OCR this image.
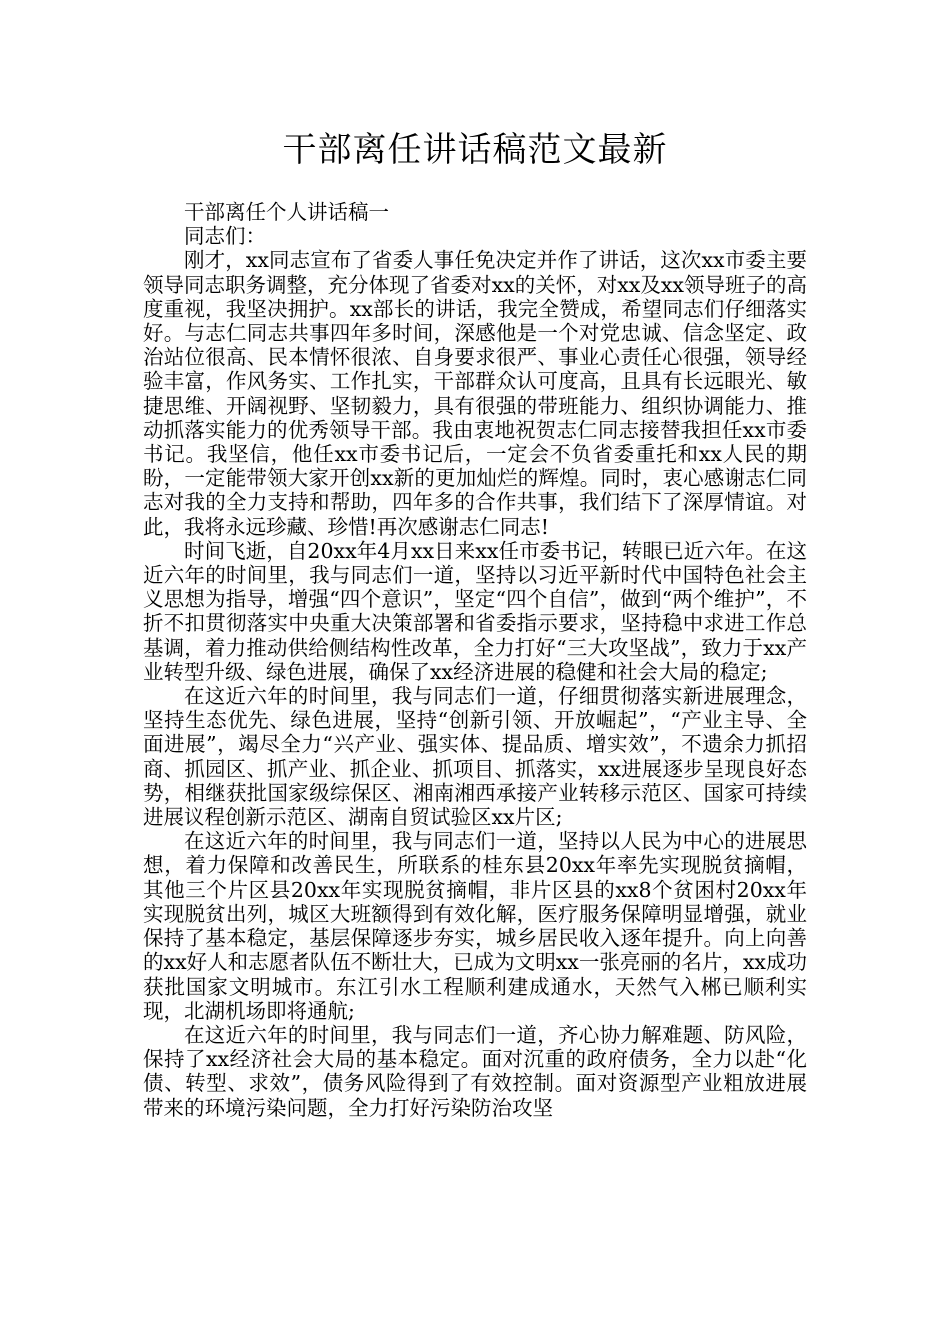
干部离任讲话稿范文最新

干部离任个人讲话稿一

同志们：

刚才，xx同志宣布了省委人事任免决定并作了讲话，这次xx市委主要领导同志职务调整，充分体现了省委对xx的关怀，对xx及xx领导班子的高度重视，我坚决拥护。xx部长的讲话，我完全赞成，希望同志们仔细落实好。与志仁同志共事四年多时间，深感他是一个对党忠诚、信念坚定、政治站位很高、民本情怀很浓、自身要求很严、事业心责任心很强，领导经验丰富，作风务实、工作扎实，干部群众认可度高，且具有长远眼光、敏捷思维、开阔视野、坚韧毅力，具有很强的带班能力、组织协调能力、推动抓落实能力的优秀领导干部。我由衷地祝贺志仁同志接替我担任xx市委书记。我坚信，他任xx市委书记后，一定会不负省委重托和xx人民的期盼，一定能带领大家开创xx新的更加灿烂的辉煌。同时，衷心感谢志仁同志对我的全力支持和帮助，四年多的合作共事，我们结下了深厚情谊。对此，我将永远珍藏、珍惜!再次感谢志仁同志!

时间飞逝，自20xx年4月xx日来xx任市委书记，转眼已近六年。在这近六年的时间里，我与同志们一道，坚持以习近平新时代中国特色社会主义思想为指导，增强“四个意识”，坚定“四个自信”，做到“两个维护”，不折不扣贯彻落实中央重大决策部署和省委指示要求，坚持稳中求进工作总基调，着力推动供给侧结构性改革，全力打好“三大攻坚战”，致力于xx产业转型升级、绿色进展，确保了xx经济进展的稳健和社会大局的稳定;

在这近六年的时间里，我与同志们一道，仔细贯彻落实新进展理念，坚持生态优先、绿色进展，坚持“创新引领、开放崛起”，“产业主导、全面进展”，竭尽全力“兴产业、强实体、提品质、增实效”，不遗余力抓招商、抓园区、抓产业、抓企业、抓项目、抓落实，xx进展逐步呈现良好态势，相继获批国家级综保区、湘南湘西承接产业转移示范区、国家可持续进展议程创新示范区、湖南自贸试验区xx片区;

在这近六年的时间里，我与同志们一道，坚持以人民为中心的进展思想，着力保障和改善民生，所联系的桂东县20xx年率先实现脱贫摘帽，其他三个片区县20xx年实现脱贫摘帽，非片区县的xx8个贫困村20xx年实现脱贫出列，城区大班额得到有效化解，医疗服务保障明显增强，就业保持了基本稳定，基层保障逐步夯实，城乡居民收入逐年提升。向上向善的xx好人和志愿者队伍不断壮大，已成为文明xx一张亮丽的名片，xx成功获批国家文明城市。东江引水工程顺利建成通水，天然气入郴已顺利实现，北湖机场即将通航;

在这近六年的时间里，我与同志们一道，齐心协力解难题、防风险，保持了xx经济社会大局的基本稳定。面对沉重的政府债务，全力以赴“化债、转型、求效”，债务风险得到了有效控制。面对资源型产业粗放进展带来的环境污染问题，全力打好污染防治攻坚
